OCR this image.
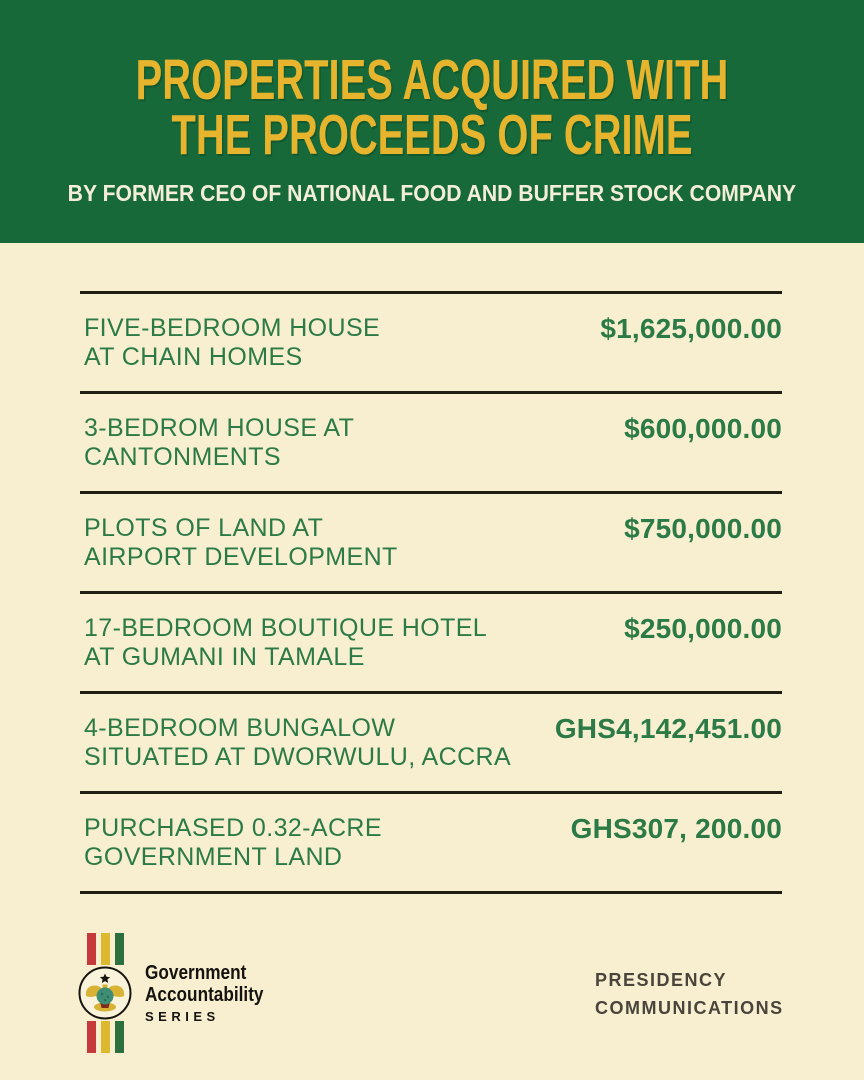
PROPERTIES ACQUIRED WITH
THE PROCEEDS OF CRIME
BY FORMER CEO OF NATIONAL FOOD AND BUFFER STOCK COMPANY
FIVE-BEDROOM HOUSE
AT CHAIN HOMES
$1,625,000.00
3-BEDROM HOUSE AT
CANTONMENTS
$600,000.00
PLOTS OF LAND AT
AIRPORT DEVELOPMENT
$750,000.00
17-BEDROOM BOUTIQUE HOTEL
AT GUMANI IN TAMALE
$250,000.00
4-BEDROOM BUNGALOW
SITUATED AT DWORWULU, ACCRA
GHS4,142,451.00
PURCHASED 0.32-ACRE
GOVERNMENT LAND
GHS307, 200.00
Government
Accountability
SERIES
PRESIDENCY
COMMUNICATIONS
